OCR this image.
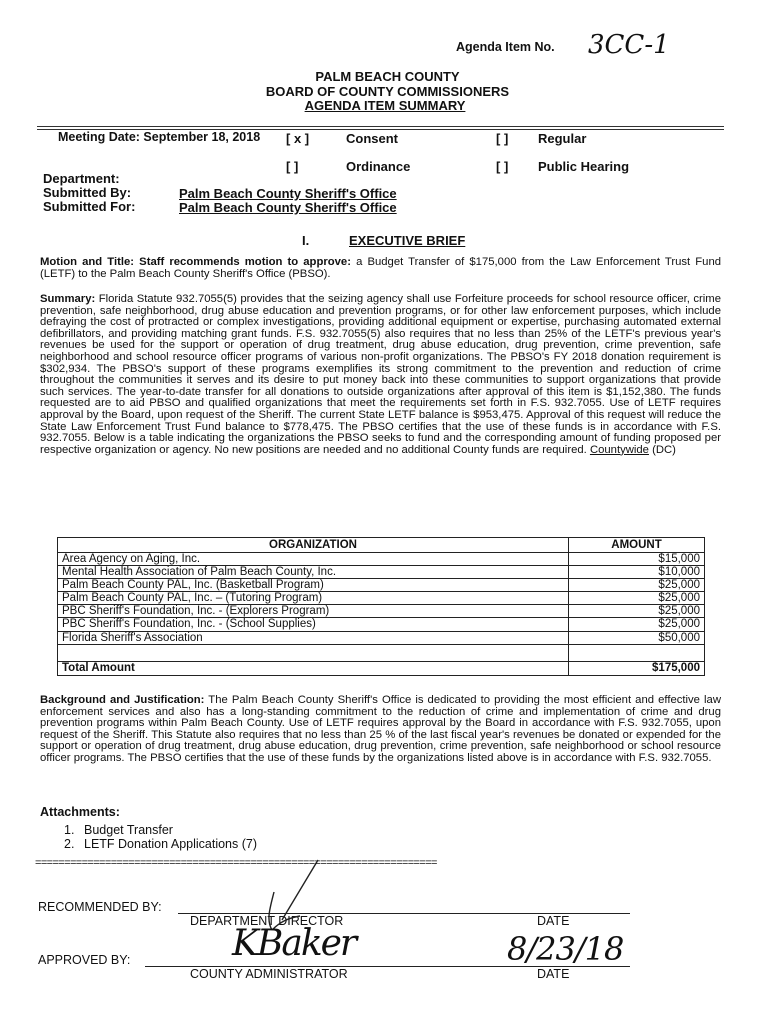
Agenda Item No. 3CC-1
PALM BEACH COUNTY
BOARD OF COUNTY COMMISSIONERS
AGENDA ITEM SUMMARY
Meeting Date: September 18, 2018 [ x ]	Consent	[ ] Regular
[ ]	Ordinance	[ ] Public Hearing
Department:
Submitted By:	Palm Beach County Sheriff's Office
Submitted For:	Palm Beach County Sheriff's Office
I.	EXECUTIVE BRIEF
Motion and Title: Staff recommends motion to approve: a Budget Transfer of $175,000 from the Law Enforcement Trust Fund (LETF) to the Palm Beach County Sheriff's Office (PBSO).
Summary: Florida Statute 932.7055(5) provides that the seizing agency shall use Forfeiture proceeds for school resource officer, crime prevention, safe neighborhood, drug abuse education and prevention programs, or for other law enforcement purposes, which include defraying the cost of protracted or complex investigations, providing additional equipment or expertise, purchasing automated external defibrillators, and providing matching grant funds. F.S. 932.7055(5) also requires that no less than 25% of the LETF's previous year's revenues be used for the support or operation of drug treatment, drug abuse education, drug prevention, crime prevention, safe neighborhood and school resource officer programs of various non-profit organizations. The PBSO's FY 2018 donation requirement is $302,934. The PBSO's support of these programs exemplifies its strong commitment to the prevention and reduction of crime throughout the communities it serves and its desire to put money back into these communities to support organizations that provide such services. The year-to-date transfer for all donations to outside organizations after approval of this item is $1,152,380. The funds requested are to aid PBSO and qualified organizations that meet the requirements set forth in F.S. 932.7055. Use of LETF requires approval by the Board, upon request of the Sheriff. The current State LETF balance is $953,475. Approval of this request will reduce the State Law Enforcement Trust Fund balance to $778,475. The PBSO certifies that the use of these funds is in accordance with F.S. 932.7055. Below is a table indicating the organizations the PBSO seeks to fund and the corresponding amount of funding proposed per respective organization or agency. No new positions are needed and no additional County funds are required. Countywide (DC)
ORGANIZATION	AMOUNT
Area Agency on Aging, Inc.	$15,000
Mental Health Association of Palm Beach County, Inc.	$10,000
Palm Beach County PAL, Inc. (Basketball Program)	$25,000
Palm Beach County PAL, Inc. – (Tutoring Program)	$25,000
PBC Sheriff's Foundation, Inc. - (Explorers Program)	$25,000
PBC Sheriff's Foundation, Inc. - (School Supplies)	$25,000
Florida Sheriff's Association	$50,000

Total Amount	$175,000
Background and Justification: The Palm Beach County Sheriff's Office is dedicated to providing the most efficient and effective law enforcement services and also has a long-standing commitment to the reduction of crime and implementation of crime and drug prevention programs within Palm Beach County. Use of LETF requires approval by the Board in accordance with F.S. 932.7055, upon request of the Sheriff. This Statute also requires that no less than 25 % of the last fiscal year's revenues be donated or expended for the support or operation of drug treatment, drug abuse education, drug prevention, crime prevention, safe neighborhood or school resource officer programs. The PBSO certifies that the use of these funds by the organizations listed above is in accordance with F.S. 932.7055.
Attachments:
1. Budget Transfer
2. LETF Donation Applications (7)
=====================================================================
RECOMMENDED BY:
DEPARTMENT DIRECTOR	DATE
APPROVED BY:
COUNTY ADMINISTRATOR	DATE
KBaker	8/23/18
